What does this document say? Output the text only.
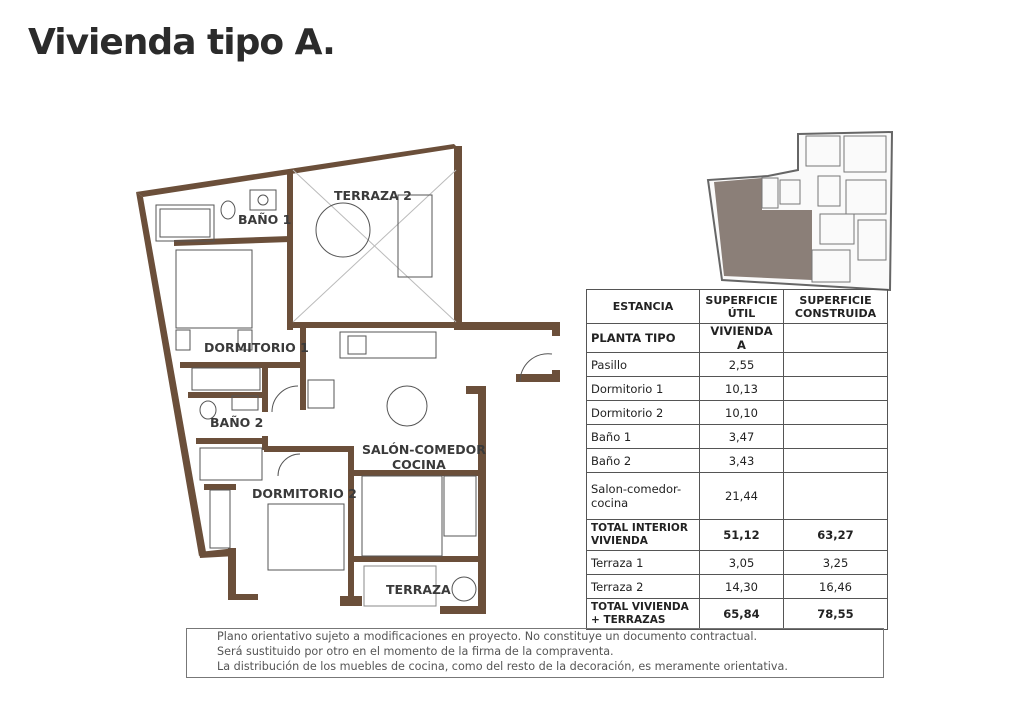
Vivienda tipo A.
TERRAZA 2
BAÑO 1
DORMITORIO 1
BAÑO 2
SALÓN-COMEDOR
COCINA
DORMITORIO 2
TERRAZA
ESTANCIA	SUPERFICIE ÚTIL	SUPERFICIE CONSTRUIDA
PLANTA TIPO	VIVIENDA A	
Pasillo	2,55	
Dormitorio 1	10,13	
Dormitorio 2	10,10	
Baño 1	3,47	
Baño 2	3,43	
Salon-comedor-cocina	21,44	
TOTAL INTERIOR VIVIENDA	51,12	63,27
Terraza 1	3,05	3,25
Terraza 2	14,30	16,46
TOTAL VIVIENDA + TERRAZAS	65,84	78,55
Plano orientativo sujeto a modificaciones en proyecto. No constituye un documento contractual.
Será sustituido por otro en el momento de la firma de la compraventa.
La distribución de los muebles de cocina, como del resto de la decoración, es meramente orientativa.
